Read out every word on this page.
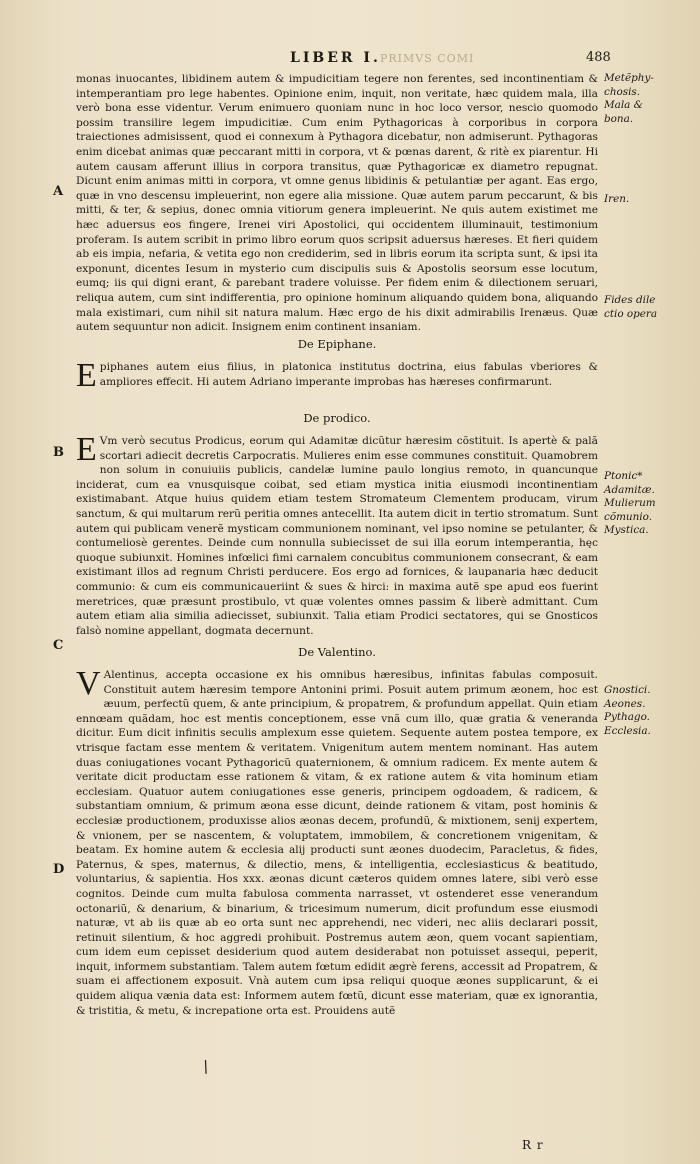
LIBER I. PRIMVS COMI	488

monas inuocantes, libidinem autem & impudicitiam tegere non ferentes, sed incontinentiam & intemperantiam pro lege habentes. Opinione enim, inquit, non veritate, hæc quidem mala, illa verò bona esse videntur. Verum enimuero quoniam nunc in hoc loco versor, nescio quomodo possim transilire legem impudicitiæ. Cum enim Pythagoricas à corporibus in corpora traiectiones admisissent, quod ei connexum à Pythagora dicebatur, non admiserunt. Pythagoras enim dicebat animas quæ peccarant mitti in corpora, vt & pœnas darent, & ritè ex piarentur. Hi autem causam afferunt illius in corpora transitus, quæ Pythagoricæ ex diametro repugnat. Dicunt enim animas mitti in corpora, vt omne genus libidinis & petulantiæ per agant. Eas ergo, quæ in vno descensu impleuerint, non egere alia missione. Quæ autem parum peccarunt, & bis mitti, & ter, & sepius, donec omnia vitiorum genera impleuerint. Ne quis autem existimet me hæc aduersus eos fingere, Irenei viri Apostolici, qui occidentem illuminauit, testimonium proferam. Is autem scribit in primo libro eorum quos scripsit aduersus hæreses. Et fieri quidem ab eis impia, nefaria, & vetita ego non crediderim, sed in libris eorum ita scripta sunt, & ipsi ita exponunt, dicentes Iesum in mysterio cum discipulis suis & Apostolis seorsum esse locutum, eumq; iis qui digni erant, & parebant tradere voluisse. Per fidem enim & dilectionem seruari, reliqua autem, cum sint indifferentia, pro opinione hominum aliquando quidem bona, aliquando mala existimari, cum nihil sit natura malum. Hæc ergo de his dixit admirabilis Irenæus. Quæ autem sequuntur non adicit. Insignem enim continent insaniam.

De Epiphane.

Epiphanes autem eius filius, in platonica institutus doctrina, eius fabulas vberiores & ampliores effecit. Hi autem Adriano imperante improbas has hæreses confirmarunt.

De prodico.

E Vm verò secutus Prodicus, eorum qui Adamitæ dicũtur hæresim cõstituit. Is apertè & palã scortari adiecit decretis Carpocratis. Mulieres enim esse communes constituit. Quamobrem non solum in conuiuiis publicis, candelæ lumine paulo longius remoto, in quancunque inciderat, cum ea vnusquisque coibat, sed etiam mystica initia eiusmodi incontinentiam existimabant. Atque huius quidem etiam testem Stromateum Clementem producam, virum sanctum, & qui multarum rerũ peritia omnes antecellit. Ita autem dicit in tertio stromatum. Sunt autem qui publicam venerẽ mysticam communionem nominant, vel ipso nomine se petulanter, & contumeliosè gerentes. Deinde cum nonnulla subiecisset de sui illa eorum intemperantia, hęc quoque subiunxit. Homines infœlici fimi carnalem concubitus communionem consecrant, & eam existimant illos ad regnum Christi perducere. Eos ergo ad fornices, & laupanaria hæc deducit communio: & cum eis communicaueriint & sues & hirci: in maxima autẽ spe apud eos fuerint meretrices, quæ præsunt prostibulo, vt quæ volentes omnes passim & liberè admittant. Cum autem etiam alia similia adiecisset, subiunxit. Talia etiam Prodici sectatores, qui se Gnosticos falsò nomine appellant, dogmata decernunt.

De Valentino.

V Alentinus, accepta occasione ex his omnibus hæresibus, infinitas fabulas composuit. Constituit autem hæresim tempore Antonini primi. Posuit autem primum æonem, hoc est æuum, perfectũ quem, & ante principium, & propatrem, & profundum appellat. Quin etiam ennœam quãdam, hoc est mentis conceptionem, esse vnã cum illo, quæ gratia & veneranda dicitur. Eum dicit infinitis seculis amplexum esse quietem. Sequente autem postea tempore, ex vtrisque factam esse mentem & veritatem. Vnigenitum autem mentem nominant. Has autem duas coniugationes vocant Pythagoricũ quaternionem, & omnium radicem. Ex mente autem & veritate dicit productam esse rationem & vitam, & ex ratione autem & vita hominum etiam ecclesiam. Quatuor autem coniugationes esse generis, principem ogdoadem, & radicem, & substantiam omnium, & primum æona esse dicunt, deinde rationem & vitam, post hominis & ecclesiæ productionem, produxisse alios æonas decem, profundũ, & mixtionem, senij expertem, & vnionem, per se nascentem, & voluptatem, immobilem, & concretionem vnigenitam, & beatam. Ex homine autem & ecclesia alij producti sunt æones duodecim, Paracletus, & fides, Paternus, & spes, maternus, & dilectio, mens, & intelligentia, ecclesiasticus & beatitudo, voluntarius, & sapientia. Hos xxx. æonas dicunt cæteros quidem omnes latere, sibi verò esse cognitos. Deinde cum multa fabulosa commenta narrasset, vt ostenderet esse venerandum octonariũ, & denarium, & binarium, & tricesimum numerum, dicit profundum esse eiusmodi naturæ, vt ab iis quæ ab eo orta sunt nec apprehendi, nec videri, nec aliis declarari possit, retinuit silentium, & hoc aggredi prohibuit. Postremus autem æon, quem vocant sapientiam, cum idem eum cepisset desiderium quod autem desiderabat non potuisset assequi, peperit, inquit, informem substantiam. Talem autem fœtum edidit ægrè ferens, accessit ad Propatrem, & suam ei affectionem exposuit. Vnà autem cum ipsa reliqui quoque æones supplicarunt, & ei quidem aliqua vænia data est: Informem autem fœtũ, dicunt esse materiam, quæ ex ignorantia, & tristitia, & metu, & increpatione orta est. Prouidens autẽ

Metẽphy-
chosis.
Mala &
bona.
Iren.
Fides dile
ctio opera
Ptonic*
Adamitæ.
Mulierum
cõmunio.
Mystica.
Gnostici.
Aeones.
Pythago.
Ecclesia.
A
B
C
D
/
R r
